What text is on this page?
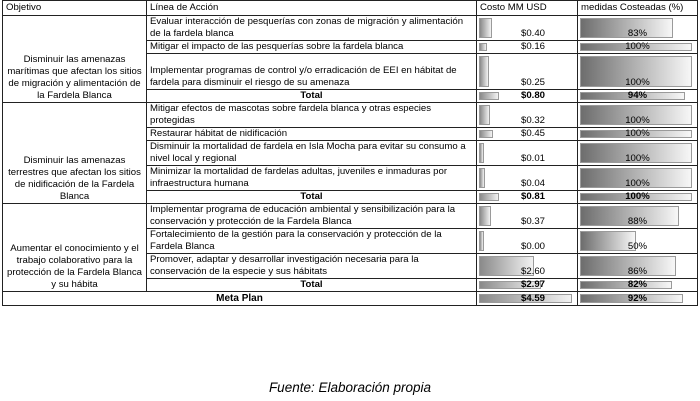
Objetivo	Línea de Acción	Costo MM USD	medidas Costeadas (%)
Disminuir las amenazas marítimas que afectan los sitios de migración y alimentación de la Fardela Blanca	Evaluar interacción de pesquerías con zonas de migración y alimentación de la fardela blanca	$0.40	83%

	Mitigar el impacto de las pesquerías sobre la fardela blanca	$0.16	100%

	Implementar programas de control y/o erradicación de EEI en hábitat de fardela para disminuir el riesgo de su amenaza	$0.25	100%

	Total	$0.80	94%

Disminuir las amenazas terrestres que afectan los sitios de nidificación de la Fardela Blanca	Mitigar efectos de mascotas sobre fardela blanca y otras especies protegidas	$0.32	100%

	Restaurar hábitat de nidificación	$0.45	100%

	Disminuir la mortalidad de fardela en Isla Mocha para evitar su consumo a nivel local y regional	$0.01	100%

	Minimizar la mortalidad de fardelas adultas, juveniles e inmaduras por infraestructura humana	$0.04	100%

	Total	$0.81	100%

Aumentar el conocimiento y el trabajo colaborativo para la protección de la Fardela Blanca y su hábita	Implementar programa de educación ambiental y sensibilización para la conservación y protección de la Fardela Blanca	$0.37	88%

	Fortalecimiento de la gestión para la conservación y protección de la Fardela Blanca	$0.00	50%

	Promover, adaptar y desarrollar investigación necesaria para la conservación de la especie y sus hábitats	$2.60	86%

	Total	$2.97	82%

Meta Plan		$4.59	92%
Fuente: Elaboración propia
